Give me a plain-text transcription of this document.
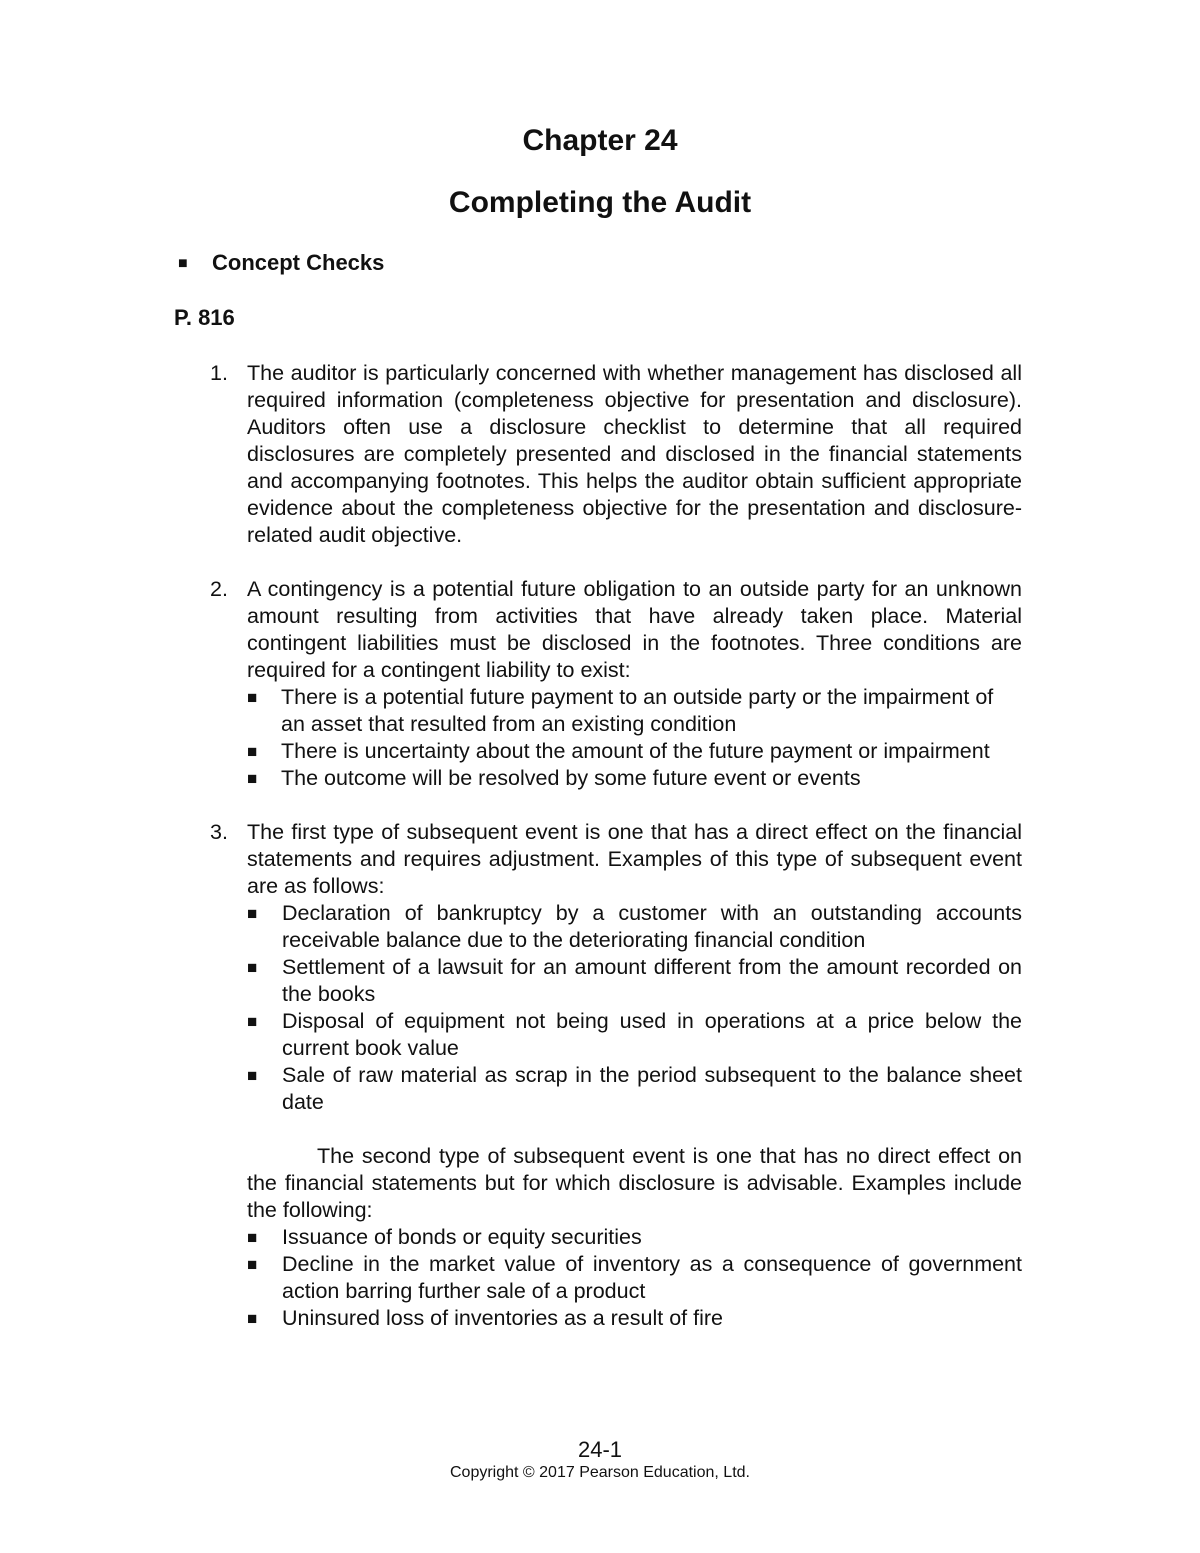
Chapter 24
Completing the Audit
■ Concept Checks
P. 816
1. The auditor is particularly concerned with whether management has disclosed all required information (completeness objective for presentation and disclosure). Auditors often use a disclosure checklist to determine that all required disclosures are completely presented and disclosed in the financial statements and accompanying footnotes. This helps the auditor obtain sufficient appropriate evidence about the completeness objective for the presentation and disclosure-related audit objective.
2. A contingency is a potential future obligation to an outside party for an unknown amount resulting from activities that have already taken place. Material contingent liabilities must be disclosed in the footnotes. Three conditions are required for a contingent liability to exist:
■ There is a potential future payment to an outside party or the impairment of an asset that resulted from an existing condition
■ There is uncertainty about the amount of the future payment or impairment
■ The outcome will be resolved by some future event or events
3. The first type of subsequent event is one that has a direct effect on the financial statements and requires adjustment. Examples of this type of subsequent event are as follows:
■ Declaration of bankruptcy by a customer with an outstanding accounts receivable balance due to the deteriorating financial condition
■ Settlement of a lawsuit for an amount different from the amount recorded on the books
■ Disposal of equipment not being used in operations at a price below the current book value
■ Sale of raw material as scrap in the period subsequent to the balance sheet date
The second type of subsequent event is one that has no direct effect on the financial statements but for which disclosure is advisable. Examples include the following:
■ Issuance of bonds or equity securities
■ Decline in the market value of inventory as a consequence of government action barring further sale of a product
■ Uninsured loss of inventories as a result of fire
24-1
Copyright © 2017 Pearson Education, Ltd.
